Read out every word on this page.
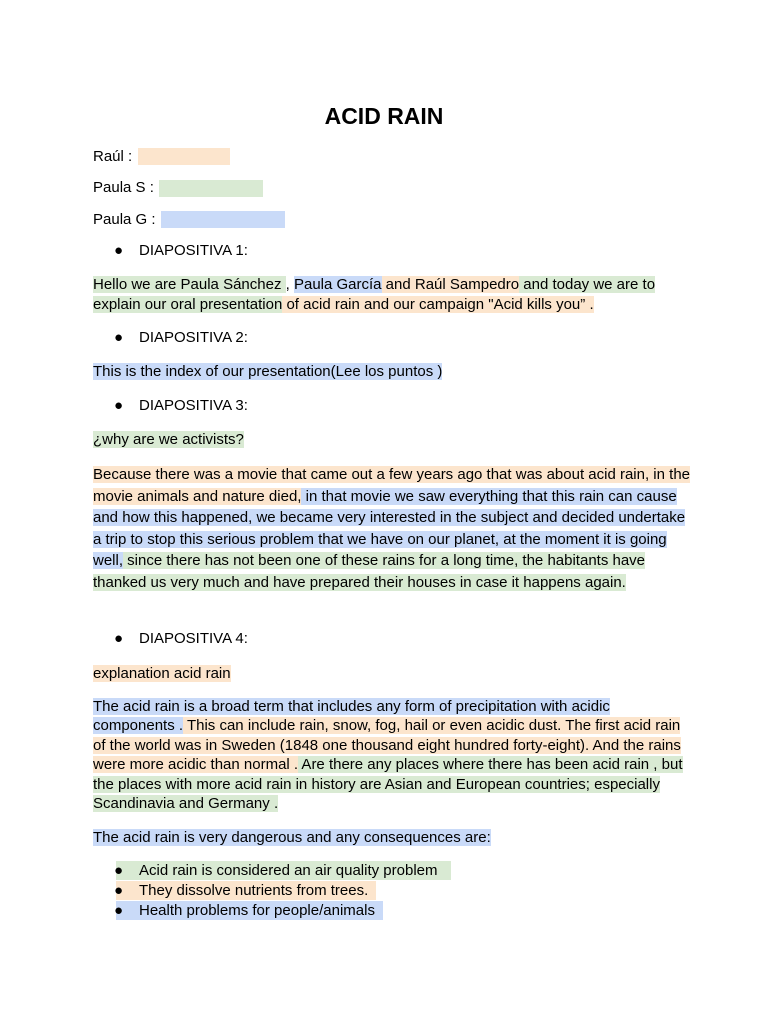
ACID RAIN
Raúl :
Paula S :
Paula G :
● DIAPOSITIVA 1:
Hello we are Paula Sánchez , Paula García and Raúl Sampedro and today we are to explain our oral presentation of acid rain and our campaign "Acid kills you” .
● DIAPOSITIVA 2:
This is the index of our presentation(Lee los puntos )
● DIAPOSITIVA 3:
¿why are we activists?
Because there was a movie that came out a few years ago that was about acid rain, in the movie animals and nature died, in that movie we saw everything that this rain can cause and how this happened, we became very interested in the subject and decided undertake a trip to stop this serious problem that we have on our planet, at the moment it is going well, since there has not been one of these rains for a long time, the habitants have thanked us very much and have prepared their houses in case it happens again.
● DIAPOSITIVA 4:
explanation acid rain
The acid rain is a broad term that includes any form of precipitation with acidic components . This can include rain, snow, fog, hail or even acidic dust. The first acid rain of the world was in Sweden (1848 one thousand eight hundred forty-eight). And the rains were more acidic than normal . Are there any places where there has been acid rain , but the places with more acid rain in history are Asian and European countries; especially Scandinavia and Germany .
The acid rain is very dangerous and any consequences are:
● Acid rain is considered an air quality problem
● They dissolve nutrients from trees.
● Health problems for people/animals
